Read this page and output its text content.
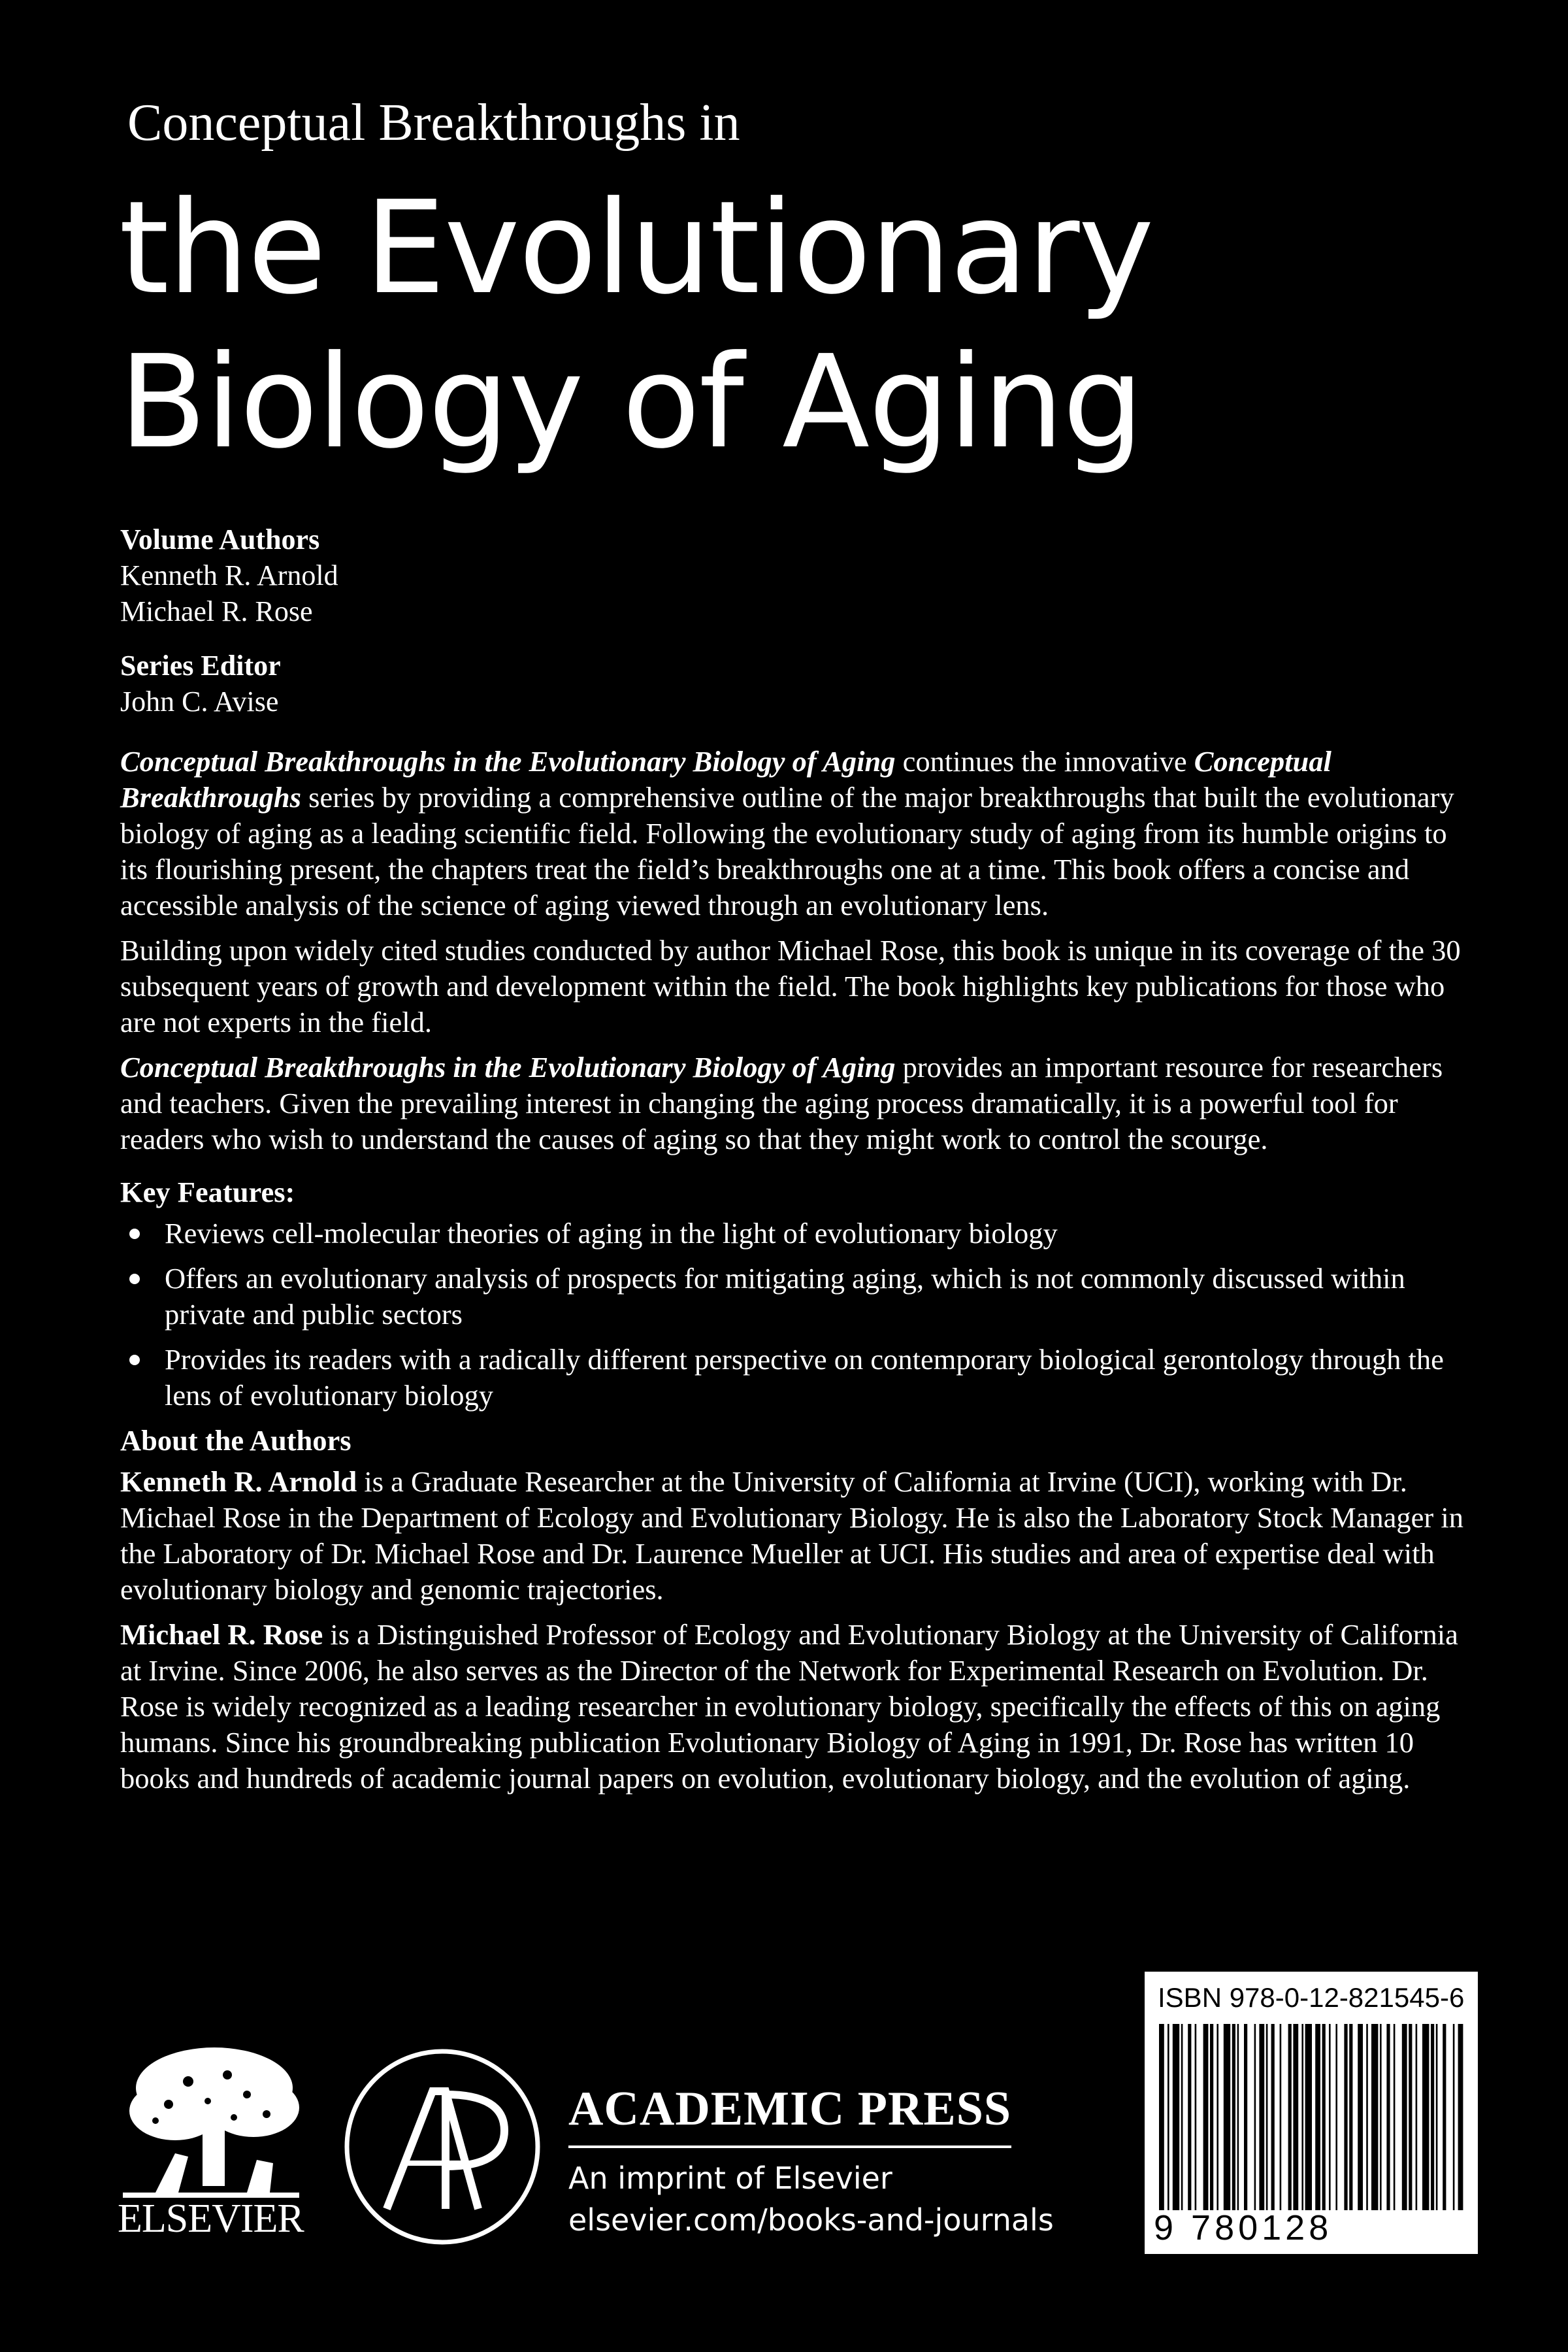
Conceptual Breakthroughs in
the Evolutionary
Biology of Aging
Volume Authors
Kenneth R. Arnold
Michael R. Rose
Series Editor
John C. Avise

Conceptual Breakthroughs in the Evolutionary Biology of Aging continues the innovative Conceptual Breakthroughs series by providing a comprehensive outline of the major breakthroughs that built the evolutionary biology of aging as a leading scientific field. Following the evolutionary study of aging from its humble origins to its flourishing present, the chapters treat the field’s breakthroughs one at a time. This book offers a concise and accessible analysis of the science of aging viewed through an evolutionary lens.

Building upon widely cited studies conducted by author Michael Rose, this book is unique in its coverage of the 30 subsequent years of growth and development within the field. The book highlights key publications for those who are not experts in the field.

Conceptual Breakthroughs in the Evolutionary Biology of Aging provides an important resource for researchers and teachers. Given the prevailing interest in changing the aging process dramatically, it is a powerful tool for readers who wish to understand the causes of aging so that they might work to control the scourge.

Key Features:
Reviews cell-molecular theories of aging in the light of evolutionary biology
Offers an evolutionary analysis of prospects for mitigating aging, which is not commonly discussed within private and public sectors
Provides its readers with a radically different perspective on contemporary biological gerontology through the lens of evolutionary biology
About the Authors

Kenneth R. Arnold is a Graduate Researcher at the University of California at Irvine (UCI), working with Dr. Michael Rose in the Department of Ecology and Evolutionary Biology. He is also the Laboratory Stock Manager in the Laboratory of Dr. Michael Rose and Dr. Laurence Mueller at UCI. His studies and area of expertise deal with evolutionary biology and genomic trajectories.

Michael R. Rose is a Distinguished Professor of Ecology and Evolutionary Biology at the University of California at Irvine. Since 2006, he also serves as the Director of the Network for Experimental Research on Evolution. Dr. Rose is widely recognized as a leading researcher in evolutionary biology, specifically the effects of this on aging humans. Since his groundbreaking publication Evolutionary Biology of Aging in 1991, Dr. Rose has written 10 books and hundreds of academic journal papers on evolution, evolutionary biology, and the evolution of aging.

ELSEVIER
ACADEMIC PRESS
An imprint of Elsevier
elsevier.com/books-and-journals
ISBN 978-0-12-821545-6
9 780128 215456
